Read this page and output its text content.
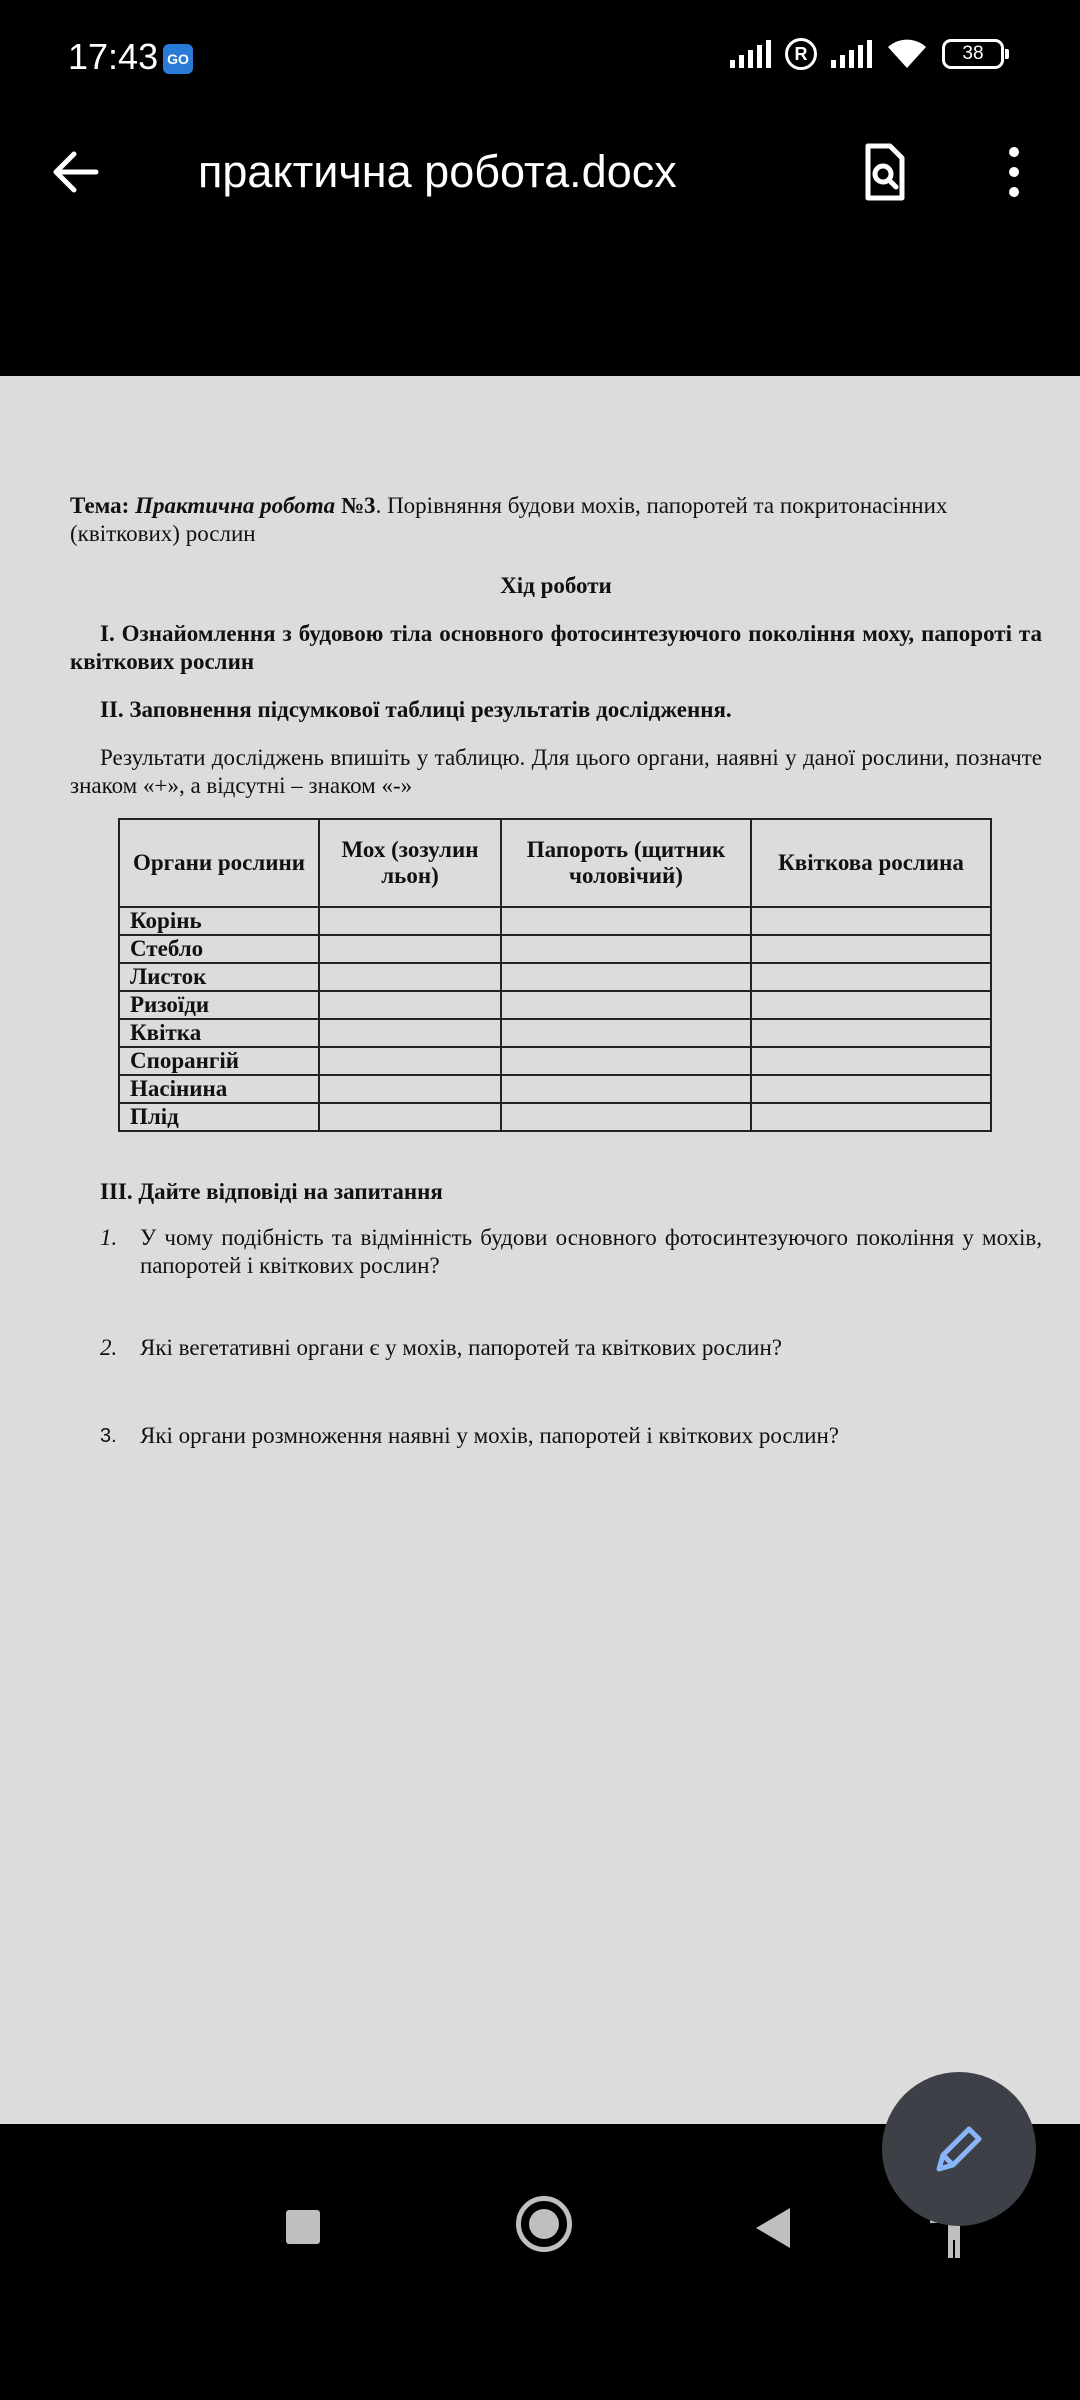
17:43 GO	R	38
практична робота.docx

Тема: Практична робота №3. Порівняння будови мохів, папоротей та покритонасінних (квіткових) рослин

Хід роботи

I. Ознайомлення з будовою тіла основного фотосинтезуючого покоління моху, папороті та квіткових рослин

II. Заповнення підсумкової таблиці результатів дослідження.

Результати досліджень впишіть у таблицю. Для цього органи, наявні у даної рослини, позначте знаком «+», а відсутні – знаком «-»

Органи рослини	Мох (зозулин льон)	Папороть (щитник чоловічий)	Квіткова рослина
Корінь			
Стебло			
Листок			
Ризоїди			
Квітка			
Спорангій			
Насінина			
Плід			

III. Дайте відповіді на запитання

1. У чому подібність та відмінність будови основного фотосинтезуючого покоління у мохів, папоротей і квіткових рослин?
2. Які вегетативні органи є у мохів, папоротей та квіткових рослин?
3.	Які органи розмноження наявні у мохів, папоротей і квіткових рослин?
